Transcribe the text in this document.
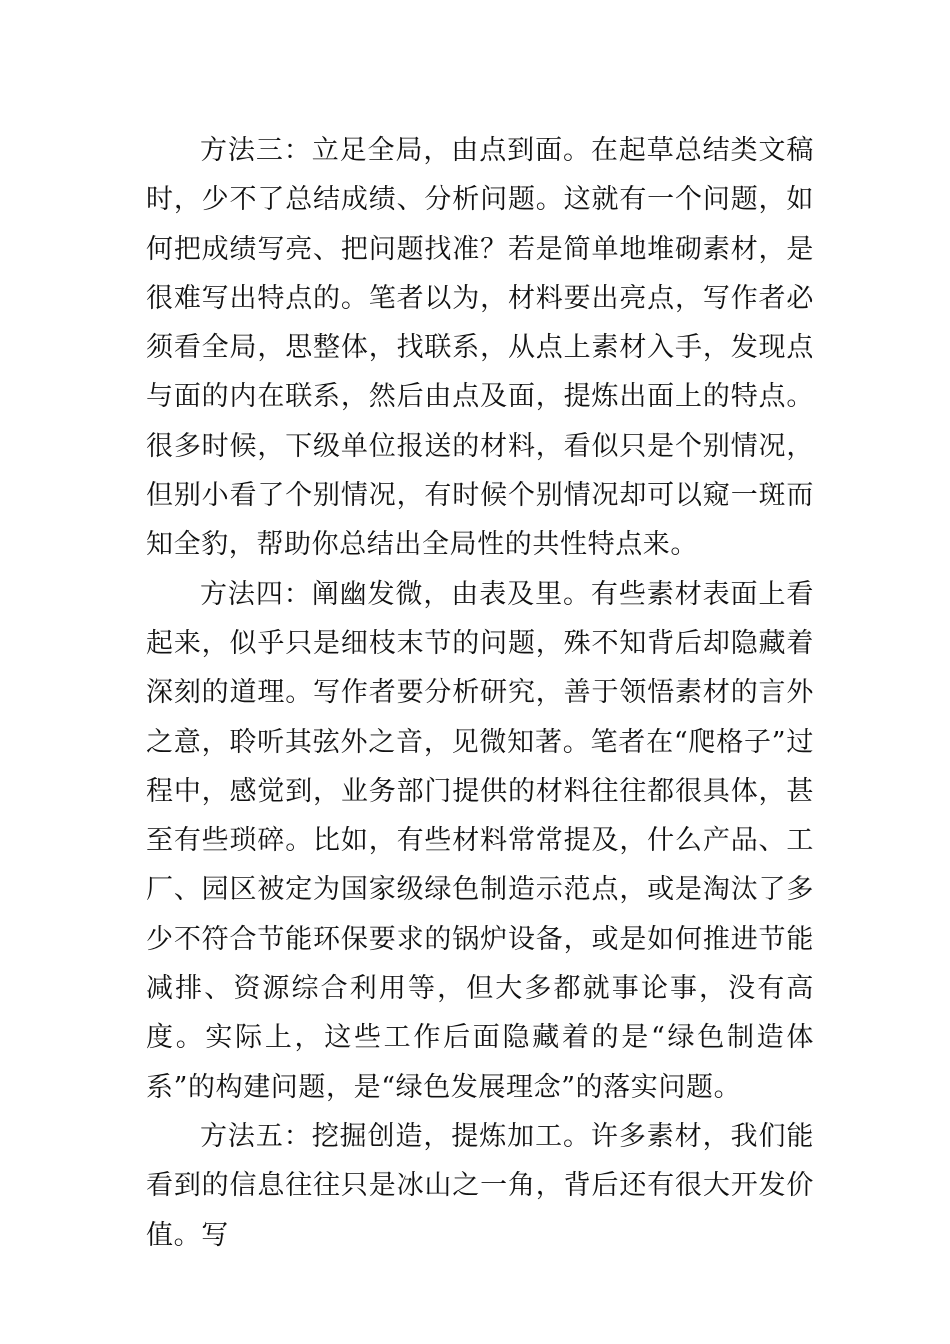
方法三：立足全局，由点到面。在起草总结类文稿时，少不了总结成绩、分析问题。这就有一个问题，如何把成绩写亮、把问题找准？若是简单地堆砌素材，是很难写出特点的。笔者以为，材料要出亮点，写作者必须看全局，思整体，找联系，从点上素材入手，发现点与面的内在联系，然后由点及面，提炼出面上的特点。很多时候，下级单位报送的材料，看似只是个别情况，但别小看了个别情况，有时候个别情况却可以窥一斑而知全豹，帮助你总结出全局性的共性特点来。

方法四：阐幽发微，由表及里。有些素材表面上看起来，似乎只是细枝末节的问题，殊不知背后却隐藏着深刻的道理。写作者要分析研究，善于领悟素材的言外之意，聆听其弦外之音，见微知著。笔者在“爬格子”过程中，感觉到，业务部门提供的材料往往都很具体，甚至有些琐碎。比如，有些材料常常提及，什么产品、工厂、园区被定为国家级绿色制造示范点，或是淘汰了多少不符合节能环保要求的锅炉设备，或是如何推进节能减排、资源综合利用等，但大多都就事论事，没有高度。实际上，这些工作后面隐藏着的是“绿色制造体系”的构建问题，是“绿色发展理念”的落实问题。

方法五：挖掘创造，提炼加工。许多素材，我们能看到的信息往往只是冰山之一角，背后还有很大开发价值。写
